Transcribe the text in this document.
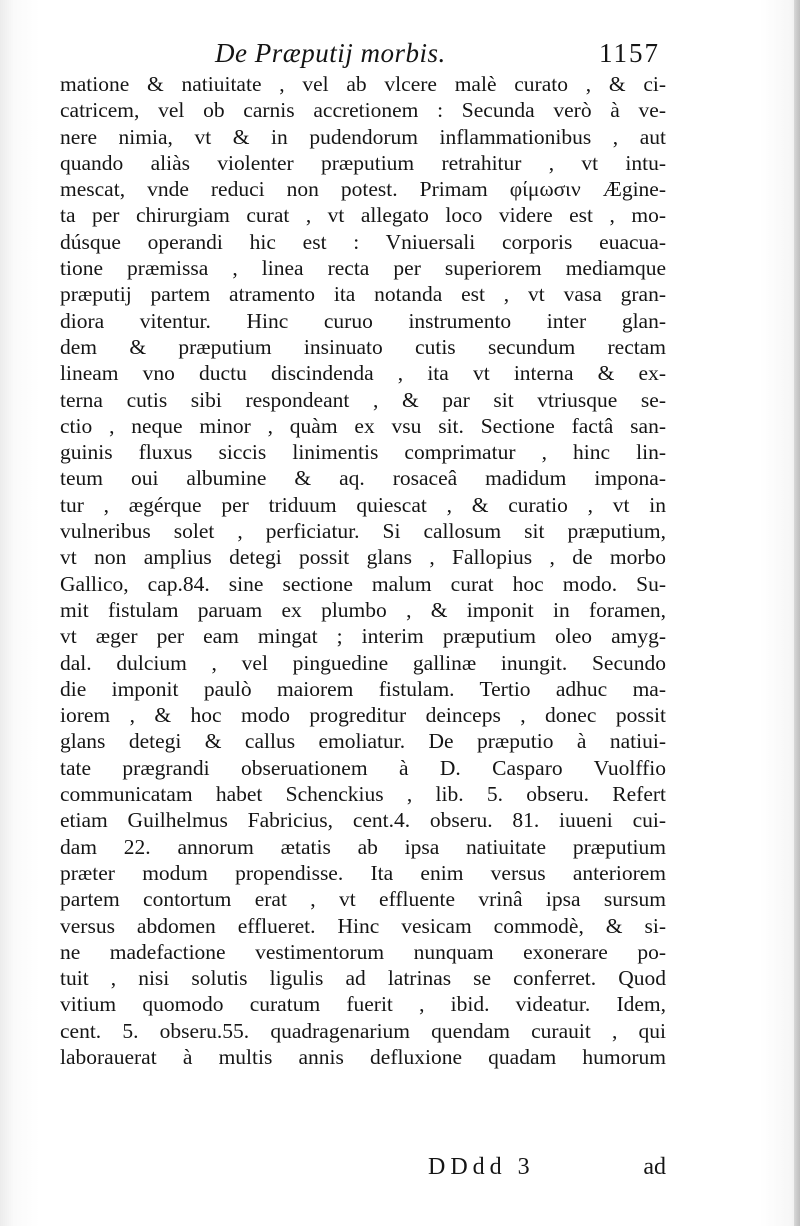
De Præputij morbis.	1157
matione & natiuitate , vel ab vlcere malè curato , & ci-
catricem, vel ob carnis accretionem : Secunda verò à ve-
nere nimia, vt & in pudendorum inflammationibus , aut
quando aliàs violenter præputium retrahitur , vt intu-
mescat, vnde reduci non potest. Primam φίμωσιν Ægine-
ta per chirurgiam curat , vt allegato loco videre est , mo-
dúsque operandi hic est : Vniuersali corporis euacua-
tione præmissa , linea recta per superiorem mediamque
præputij partem atramento ita notanda est , vt vasa gran-
diora vitentur. Hinc curuo instrumento inter glan-
dem & præputium insinuato cutis secundum rectam
lineam vno ductu discindenda , ita vt interna & ex-
terna cutis sibi respondeant , & par sit vtriusque se-
ctio , neque minor , quàm ex vsu sit. Sectione factâ san-
guinis fluxus siccis linimentis comprimatur , hinc lin-
teum oui albumine & aq. rosaceâ madidum impona-
tur , ægérque per triduum quiescat , & curatio , vt in
vulneribus solet , perficiatur. Si callosum sit præputium,
vt non amplius detegi possit glans , Fallopius , de morbo
Gallico, cap.84. sine sectione malum curat hoc modo. Su-
mit fistulam paruam ex plumbo , & imponit in foramen,
vt æger per eam mingat ; interim præputium oleo amyg-
dal. dulcium , vel pinguedine gallinæ inungit. Secundo
die imponit paulò maiorem fistulam. Tertio adhuc ma-
iorem , & hoc modo progreditur deinceps , donec possit
glans detegi & callus emoliatur. De præputio à natiui-
tate prægrandi obseruationem à D. Casparo Vuolffio
communicatam habet Schenckius , lib. 5. obseru. Refert
etiam Guilhelmus Fabricius, cent.4. obseru. 81. iuueni cui-
dam 22. annorum ætatis ab ipsa natiuitate præputium
præter modum propendisse. Ita enim versus anteriorem
partem contortum erat , vt effluente vrinâ ipsa sursum
versus abdomen efflueret. Hinc vesicam commodè, & si-
ne madefactione vestimentorum nunquam exonerare po-
tuit , nisi solutis ligulis ad latrinas se conferret. Quod
vitium quomodo curatum fuerit , ibid. videatur. Idem,
cent. 5. obseru.55. quadragenarium quendam curauit , qui
laborauerat à multis annis defluxione quadam humorum
DDdd 3	ad
